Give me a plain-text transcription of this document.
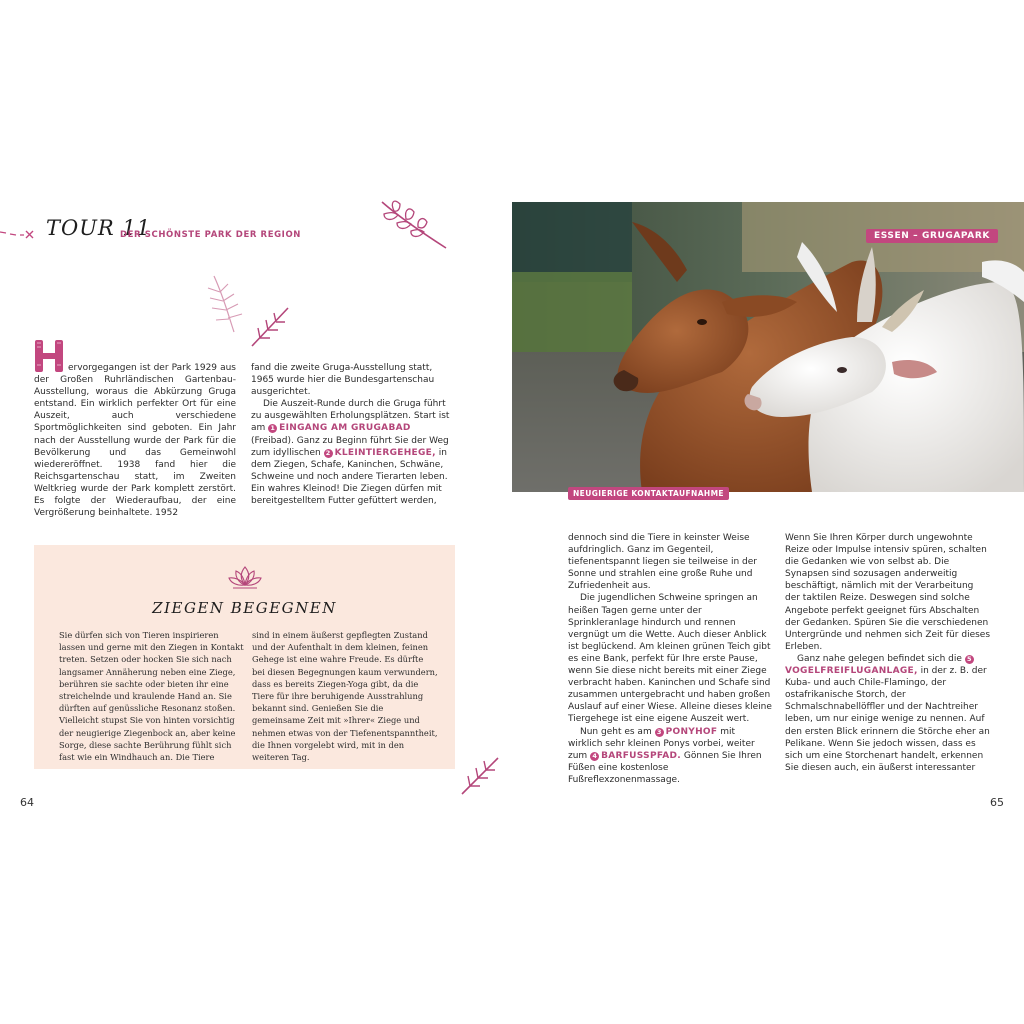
TOUR 11
DER SCHÖNSTE PARK DER REGION

ervorgegangen ist der Park 1929 aus der Großen Ruhrländischen Gartenbau-Ausstellung, woraus die Abkürzung Gruga entstand. Ein wirklich perfekter Ort für eine Auszeit, auch verschiedene Sportmöglichkeiten sind geboten. Ein Jahr nach der Ausstellung wurde der Park für die Bevölkerung und das Gemeinwohl wiedereröffnet. 1938 fand hier die Reichsgartenschau statt, im Zweiten Weltkrieg wurde der Park komplett zerstört. Es folgte der Wiederaufbau, der eine Vergrößerung beinhaltete. 1952

fand die zweite Gruga-Ausstellung statt, 1965 wurde hier die Bundesgartenschau ausgerichtet.

Die Auszeit-Runde durch die Gruga führt zu ausgewählten Erholungsplätzen. Start ist am 1 EINGANG AM GRUGABAD (Freibad). Ganz zu Beginn führt Sie der Weg zum idyllischen 2 KLEINTIERGEHEGE, in dem Ziegen, Schafe, Kaninchen, Schwäne, Schweine und noch andere Tierarten leben. Ein wahres Kleinod! Die Ziegen dürfen mit bereitgestelltem Futter gefüttert werden,

ZIEGEN BEGEGNEN
Sie dürfen sich von Tieren inspirieren lassen und gerne mit den Ziegen in Kontakt treten. Setzen oder hocken Sie sich nach langsamer Annäherung neben eine Ziege, berühren sie sachte oder bieten ihr eine streichelnde und kraulende Hand an. Sie dürften auf genüssliche Resonanz stoßen. Vielleicht stupst Sie von hinten vorsichtig der neugierige Ziegenbock an, aber keine Sorge, diese sachte Berührung fühlt sich fast wie ein Windhauch an. Die Tiere
sind in einem äußerst gepflegten Zustand und der Aufenthalt in dem kleinen, feinen Gehege ist eine wahre Freude. Es dürfte bei diesen Begegnungen kaum verwundern, dass es bereits Ziegen-Yoga gibt, da die Tiere für ihre beruhigende Ausstrahlung bekannt sind. Genießen Sie die gemeinsame Zeit mit »Ihrer« Ziege und nehmen etwas von der Tiefenentspanntheit, die Ihnen vorgelebt wird, mit in den weiteren Tag.
ESSEN – GRUGAPARK
NEUGIERIGE KONTAKTAUFNAHME

dennoch sind die Tiere in keinster Weise aufdringlich. Ganz im Gegenteil, tiefenentspannt liegen sie teilweise in der Sonne und strahlen eine große Ruhe und Zufriedenheit aus.

Die jugendlichen Schweine springen an heißen Tagen gerne unter der Sprinkleranlage hindurch und rennen vergnügt um die Wette. Auch dieser Anblick ist beglückend. Am kleinen grünen Teich gibt es eine Bank, perfekt für Ihre erste Pause, wenn Sie diese nicht bereits mit einer Ziege verbracht haben. Kaninchen und Schafe sind zusammen untergebracht und haben großen Auslauf auf einer Wiese. Alleine dieses kleine Tiergehege ist eine eigene Auszeit wert.

Nun geht es am 3 PONYHOF mit wirklich sehr kleinen Ponys vorbei, weiter zum 4 BARFUSSPFAD. Gönnen Sie Ihren Füßen eine kostenlose Fußreflexzonenmassage.

Wenn Sie Ihren Körper durch ungewohnte Reize oder Impulse intensiv spüren, schalten die Gedanken wie von selbst ab. Die Synapsen sind sozusagen anderweitig beschäftigt, nämlich mit der Verarbeitung der taktilen Reize. Deswegen sind solche Angebote perfekt geeignet fürs Abschalten der Gedanken. Spüren Sie die verschiedenen Untergründe und nehmen sich Zeit für dieses Erleben.

Ganz nahe gelegen befindet sich die 5VOGELFREIFLUGANLAGE, in der z. B. der Kuba- und auch Chile-Flamingo, der ostafrikanische Storch, der Schmalschnabellöffler und der Nachtreiher leben, um nur einige wenige zu nennen. Auf den ersten Blick erinnern die Störche eher an Pelikane. Wenn Sie jedoch wissen, dass es sich um eine Storchenart handelt, erkennen Sie diesen auch, ein äußerst interessanter

64	65
